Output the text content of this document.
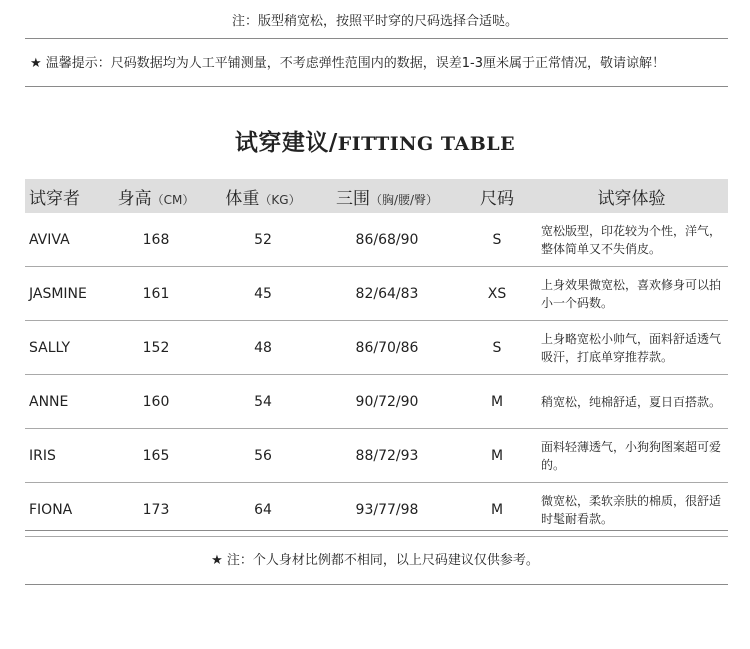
注：版型稍宽松，按照平时穿的尺码选择合适哒。
★ 温馨提示：尺码数据均为人工平铺测量，不考虑弹性范围内的数据，误差1-3厘米属于正常情况，敬请谅解！
试穿建议/FITTING TABLE
试穿者	身高（CM）	体重（KG）	三围（胸/腰/臀）	尺码	试穿体验
AVIVA	168	52	86/68/90	S	宽松版型，印花较为个性，洋气，整体简单又不失俏皮。
JASMINE	161	45	82/64/83	XS	上身效果微宽松，喜欢修身可以拍小一个码数。
SALLY	152	48	86/70/86	S	上身略宽松小帅气，面料舒适透气吸汗，打底单穿推荐款。
ANNE	160	54	90/72/90	M	稍宽松，纯棉舒适，夏日百搭款。
IRIS	165	56	88/72/93	M	面料轻薄透气，小狗狗图案超可爱的。
FIONA	173	64	93/77/98	M	微宽松，柔软亲肤的棉质，很舒适时髦耐看款。
★ 注：个人身材比例都不相同，以上尺码建议仅供参考。
